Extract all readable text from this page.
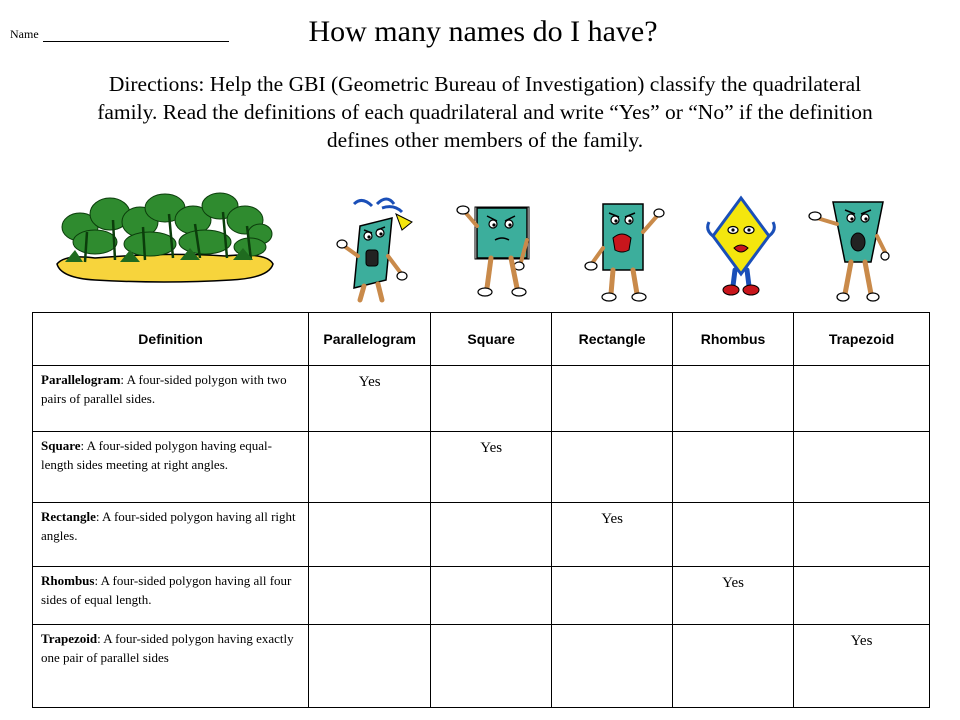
Name	How many names do I have?
Directions: Help the GBI (Geometric Bureau of Investigation) classify the quadrilateral family. Read the definitions of each quadrilateral and write “Yes” or “No” if the definition defines other members of the family.
Definition	Parallelogram	Square	Rectangle	Rhombus	Trapezoid
Parallelogram: A four-sided polygon with two pairs of parallel sides.	Yes				
Square: A four-sided polygon having equal-length sides meeting at right angles.		Yes			
Rectangle: A four-sided polygon having all right angles.			Yes		
Rhombus: A four-sided polygon having all four sides of equal length.				Yes	
Trapezoid: A four-sided polygon having exactly one pair of parallel sides					Yes
